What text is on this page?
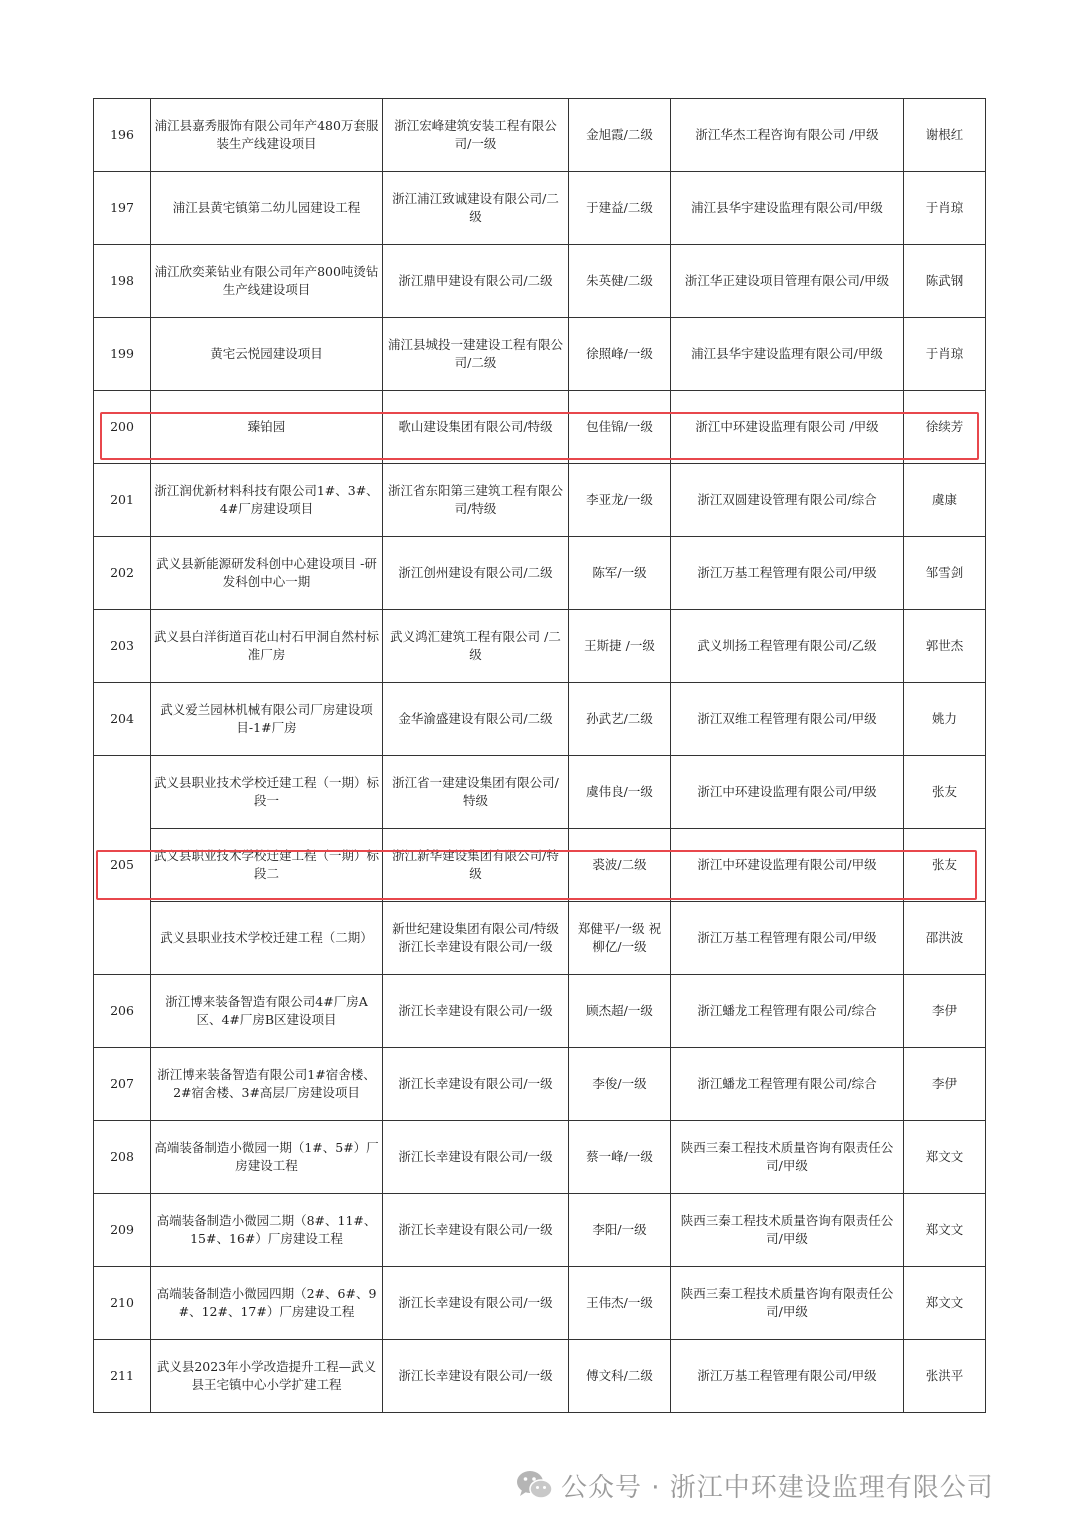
196	浦江县嘉秀服饰有限公司年产480万套服装生产线建设项目	浙江宏峰建筑安装工程有限公司/一级	金旭霞/二级	浙江华杰工程咨询有限公司 /甲级	谢根红
197	浦江县黄宅镇第二幼儿园建设工程	浙江浦江致诚建设有限公司/二级	于建益/二级	浦江县华宇建设监理有限公司/甲级	于肖琼
198	浦江欣奕莱钻业有限公司年产800吨烫钻生产线建设项目	浙江鼎甲建设有限公司/二级	朱英健/二级	浙江华正建设项目管理有限公司/甲级	陈武钢
199	黄宅云悦园建设项目	浦江县城投一建建设工程有限公司/二级	徐照峰/一级	浦江县华宇建设监理有限公司/甲级	于肖琼
200	臻铂园	歌山建设集团有限公司/特级	包佳锦/一级	浙江中环建设监理有限公司 /甲级	徐续芳
201	浙江润优新材料科技有限公司1#、3#、4#厂房建设项目	浙江省东阳第三建筑工程有限公司/特级	李亚龙/一级	浙江双圆建设管理有限公司/综合	虞康
202	武义县新能源研发科创中心建设项目 -研发科创中心一期	浙江创州建设有限公司/二级	陈军/一级	浙江万基工程管理有限公司/甲级	邹雪剑
203	武义县白洋街道百花山村石甲洞自然村标准厂房	武义鸿汇建筑工程有限公司 /二级	王斯捷 /一级	武义圳扬工程管理有限公司/乙级	郭世杰
204	武义爱兰园林机械有限公司厂房建设项目-1#厂房	金华渝盛建设有限公司/二级	孙武艺/二级	浙江双维工程管理有限公司/甲级	姚力
205	武义县职业技术学校迁建工程（一期）标段一	浙江省一建建设集团有限公司/特级	虞伟良/一级	浙江中环建设监理有限公司/甲级	张友
	武义县职业技术学校迁建工程（一期）标段二	浙江新华建设集团有限公司/特级	裘波/二级	浙江中环建设监理有限公司/甲级	张友
	武义县职业技术学校迁建工程（二期）	新世纪建设集团有限公司/特级 浙江长幸建设有限公司/一级	郑健平/一级 祝柳亿/一级	浙江万基工程管理有限公司/甲级	邵洪波
206	浙江博来装备智造有限公司4#厂房A区、4#厂房B区建设项目	浙江长幸建设有限公司/一级	顾杰超/一级	浙江蟠龙工程管理有限公司/综合	李伊
207	浙江博来装备智造有限公司1#宿舍楼、2#宿舍楼、3#高层厂房建设项目	浙江长幸建设有限公司/一级	李俊/一级	浙江蟠龙工程管理有限公司/综合	李伊
208	高端装备制造小微园一期（1#、5#）厂房建设工程	浙江长幸建设有限公司/一级	蔡一峰/一级	陕西三秦工程技术质量咨询有限责任公司/甲级	郑文文
209	高端装备制造小微园二期（8#、11#、15#、16#）厂房建设工程	浙江长幸建设有限公司/一级	李阳/一级	陕西三秦工程技术质量咨询有限责任公司/甲级	郑文文
210	高端装备制造小微园四期（2#、6#、9#、12#、17#）厂房建设工程	浙江长幸建设有限公司/一级	王伟杰/一级	陕西三秦工程技术质量咨询有限责任公司/甲级	郑文文
211	武义县2023年小学改造提升工程—武义县王宅镇中心小学扩建工程	浙江长幸建设有限公司/一级	傅文科/二级	浙江万基工程管理有限公司/甲级	张洪平
公众号 · 浙江中环建设监理有限公司
